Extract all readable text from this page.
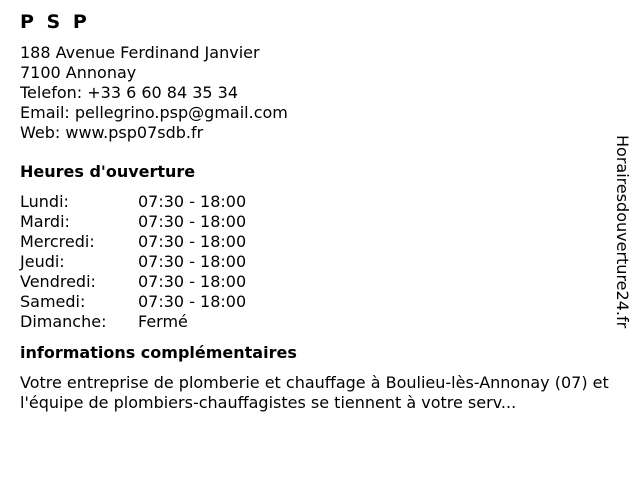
P S P
188 Avenue Ferdinand Janvier
7100 Annonay
Telefon: +33 6 60 84 35 34
Email: pellegrino.psp@gmail.com
Web: www.psp07sdb.fr
Heures d'ouverture
Lundi:	07:30 - 18:00
Mardi:	07:30 - 18:00
Mercredi:	07:30 - 18:00
Jeudi:	07:30 - 18:00
Vendredi:	07:30 - 18:00
Samedi:	07:30 - 18:00
Dimanche:	Fermé
informations complémentaires
Votre entreprise de plomberie et chauffage à Boulieu-lès-Annonay (07) et l'équipe de plombiers-chauffagistes se tiennent à votre serv...
Horairesdouverture24.fr
